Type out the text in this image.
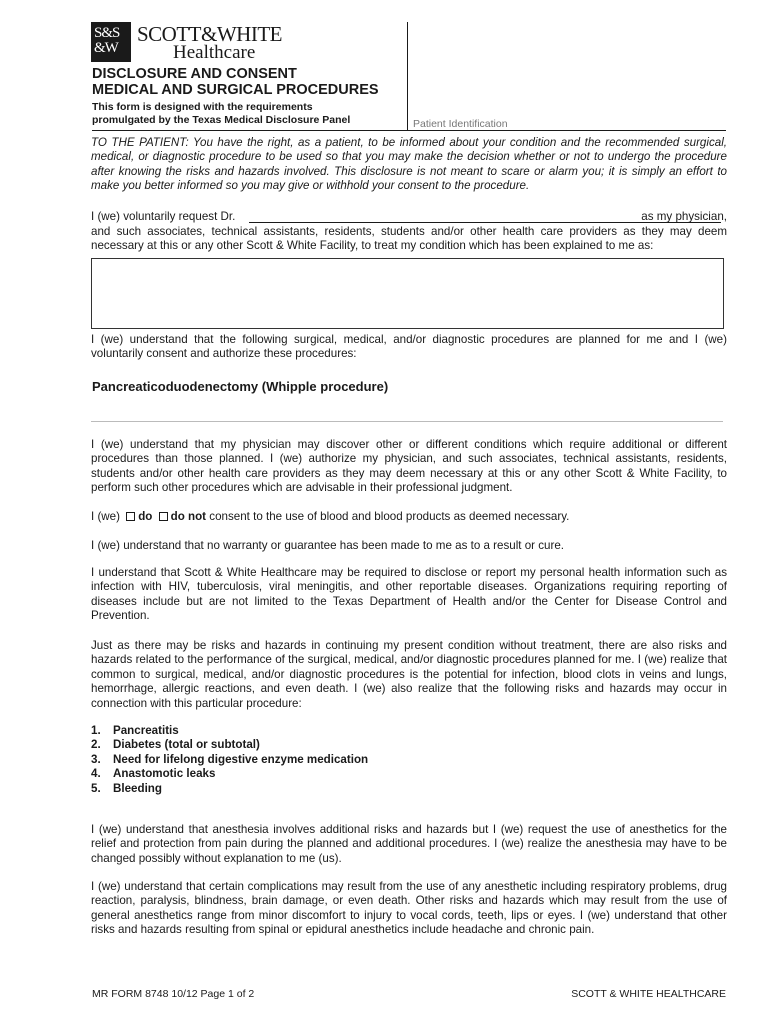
S&S
&W
SCOTT&WHITE
Healthcare
DISCLOSURE AND CONSENT
MEDICAL AND SURGICAL PROCEDURES
This form is designed with the requirements
promulgated by the Texas Medical Disclosure Panel	Patient Identification
TO THE PATIENT: You have the right, as a patient, to be informed about your condition and the recommended surgical, medical, or diagnostic procedure to be used so that you may make the decision whether or not to undergo the procedure after knowing the risks and hazards involved. This disclosure is not meant to scare or alarm you; it is simply an effort to make you better informed so you may give or withhold your consent to the procedure.
I (we) voluntarily request Dr.	as my physician,
and such associates, technical assistants, residents, students and/or other health care providers as they may deem necessary at this or any other Scott & White Facility, to treat my condition which has been explained to me as:
I (we) understand that the following surgical, medical, and/or diagnostic procedures are planned for me and I (we) voluntarily consent and authorize these procedures:
Pancreaticoduodenectomy (Whipple procedure)
I (we) understand that my physician may discover other or different conditions which require additional or different procedures than those planned. I (we) authorize my physician, and such associates, technical assistants, residents, students and/or other health care providers as they may deem necessary at this or any other Scott & White Facility, to perform such other procedures which are advisable in their professional judgment.
I (we) do do not consent to the use of blood and blood products as deemed necessary.
I (we) understand that no warranty or guarantee has been made to me as to a result or cure.
I understand that Scott & White Healthcare may be required to disclose or report my personal health information such as infection with HIV, tuberculosis, viral meningitis, and other reportable diseases. Organizations requiring reporting of diseases include but are not limited to the Texas Department of Health and/or the Center for Disease Control and Prevention.
Just as there may be risks and hazards in continuing my present condition without treatment, there are also risks and hazards related to the performance of the surgical, medical, and/or diagnostic procedures planned for me. I (we) realize that common to surgical, medical, and/or diagnostic procedures is the potential for infection, blood clots in veins and lungs, hemorrhage, allergic reactions, and even death. I (we) also realize that the following risks and hazards may occur in connection with this particular procedure:
1. Pancreatitis
2. Diabetes (total or subtotal)
3. Need for lifelong digestive enzyme medication
4. Anastomotic leaks
5. Bleeding
I (we) understand that anesthesia involves additional risks and hazards but I (we) request the use of anesthetics for the relief and protection from pain during the planned and additional procedures. I (we) realize the anesthesia may have to be changed possibly without explanation to me (us).
I (we) understand that certain complications may result from the use of any anesthetic including respiratory problems, drug reaction, paralysis, blindness, brain damage, or even death. Other risks and hazards which may result from the use of general anesthetics range from minor discomfort to injury to vocal cords, teeth, lips or eyes. I (we) understand that other risks and hazards resulting from spinal or epidural anesthetics include headache and chronic pain.
MR FORM 8748 10/12 Page 1 of 2	SCOTT & WHITE HEALTHCARE
